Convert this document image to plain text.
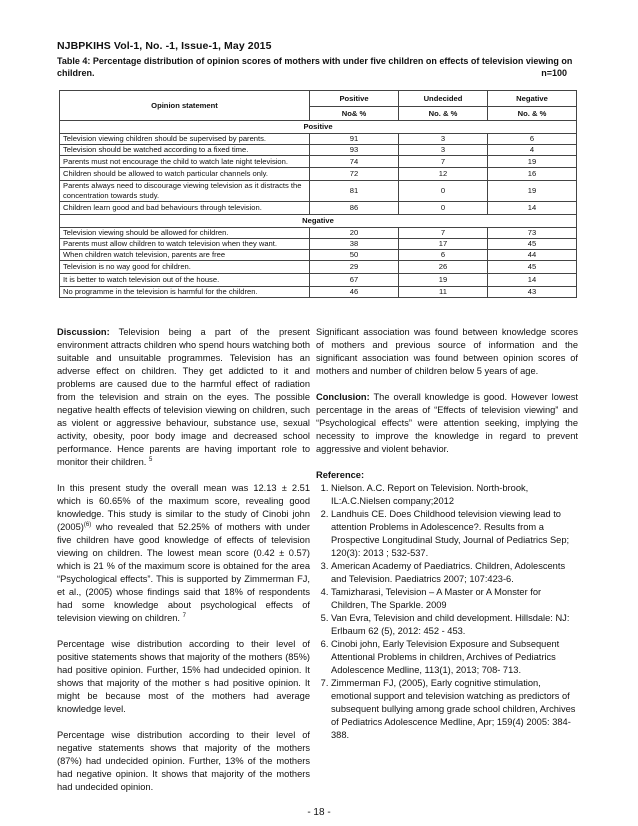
NJBPKIHS Vol-1, No. -1, Issue-1, May 2015
Table 4: Percentage distribution of opinion scores of mothers with under five children on effects of television viewing on children.	n=100
Opinion statement	Positive	Undecided	Negative
	No& %	No. & %	No. & %
Positive			
Television viewing children should be supervised by parents.	91	3	6
Television should be watched according to a fixed time.	93	3	4
Parents must not encourage the child to watch late night television.	74	7	19
Children should be allowed to watch particular channels only.	72	12	16
Parents always need to discourage viewing television as it distracts the concentration towards study.	81	0	19
Children learn good and bad behaviours through television.	86	0	14
Negative			
Television viewing should be allowed for children.	20	7	73
Parents must allow children to watch television when they want.	38	17	45
When children watch television, parents are free	50	6	44
Television is no way good for children.	29	26	45
It is better to watch television out of the house.	67	19	14
No programme in the television is harmful for the children.	46	11	43

Discussion: Television being a part of the present environment attracts children who spend hours watching both suitable and unsuitable programmes. Television has an adverse effect on children. They get addicted to it and problems are caused due to the harmful effect of radiation from the television and strain on the eyes. The possible negative health effects of television viewing on children, such as violent or aggressive behaviour, substance use, sexual activity, obesity, poor body image and decreased school performance. Hence parents are having important role to monitor their children. $^5$

In this present study the overall mean was 12.13 ± 2.51 which is 60.65% of the maximum score, revealing good knowledge. This study is similar to the study of Cinobi john $(2005)^{(6)}$ who revealed that 52.25% of mothers with under five children have good knowledge of effects of television viewing on children. The lowest mean score (0.42 ± 0.57) which is 21 % of the maximum score is obtained for the area “Psychological effects”. This is supported by Zimmerman FJ, et al., (2005) whose findings said that 18% of respondents had some knowledge about psychological effects of television viewing on children. $^7$

Percentage wise distribution according to their level of positive statements shows that majority of the mothers (85%) had positive opinion. Further, 15% had undecided opinion. It shows that majority of the mother s had positive opinion. It might be because most of the mothers had average knowledge level.

Percentage wise distribution according to their level of negative statements shows that majority of the mothers (87%) had undecided opinion. Further, 13% of the mothers had negative opinion. It shows that majority of the mothers had undecided opinion.

Significant association was found between knowledge scores of mothers and previous source of information and the significant association was found between opinion scores of mothers and number of children below 5 years of age.

Conclusion: The overall knowledge is good. However lowest percentage in the areas of “Effects of television viewing” and “Psychological effects” were attention seeking, implying the necessity to improve the knowledge in regard to prevent aggressive and violent behavior.

Reference:
1. Nielson. A.C. Report on Television. North-brook, IL:A.C.Nielsen company;2012
2. Landhuis CE. Does Childhood television viewing lead to attention Problems in Adolescence?. Results from a Prospective Longitudinal Study, Journal of Pediatrics Sep; 120(3): 2013 ; 532-537.
3. American Academy of Paediatrics. Children, Adolescents and Television. Paediatrics 2007; 107:423-6.
4. Tamizharasi, Television – A Master or A Monster for Children, The Sparkle. 2009
5. Van Evra, Television and child development. Hillsdale: NJ: Erlbaum 62 (5), 2012: 452 - 453.
6. Cinobi john, Early Television Exposure and Subsequent Attentional Problems in children, Archives of Pediatrics Adolescence Medline, 113(1), 2013; 708- 713.
7. Zimmerman FJ, (2005), Early cognitive stimulation, emotional support and television watching as predictors of subsequent bullying among grade school children, Archives of Pediatrics Adolescence Medline, Apr; 159(4) 2005: 384- 388.
- 18 -
